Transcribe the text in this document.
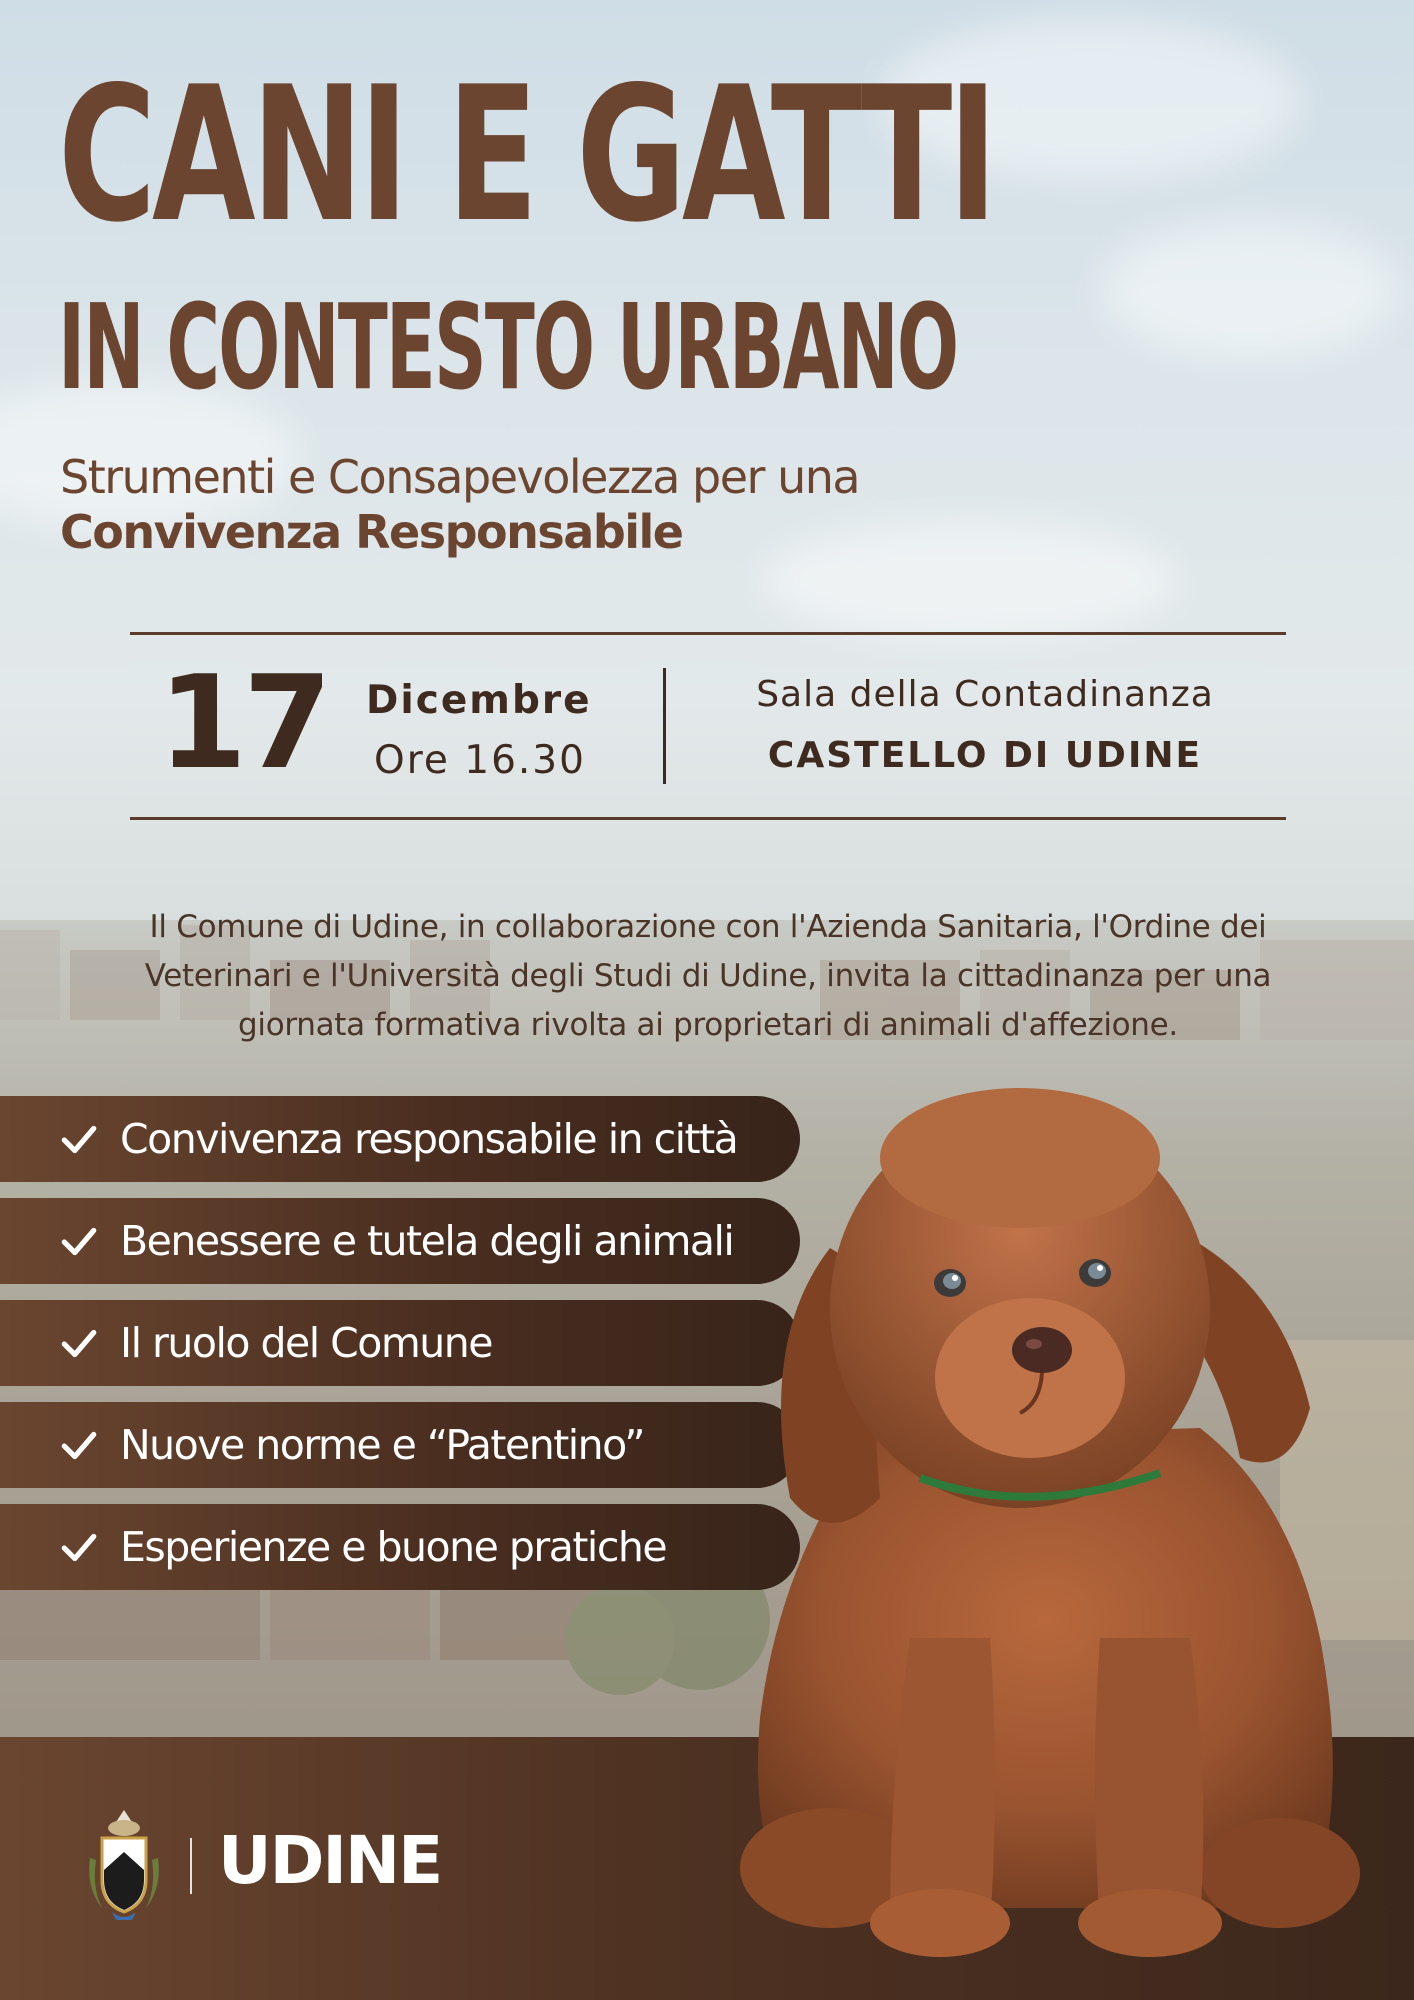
CANI E GATTI
IN CONTESTO URBANO
Strumenti e Consapevolezza per una
Convivenza Responsabile
17 Dicembre
Ore 16.30
Sala della Contadinanza
CASTELLO DI UDINE

Il Comune di Udine, in collaborazione con l'Azienda Sanitaria, l'Ordine dei Veterinari e l'Università degli Studi di Udine, invita la cittadinanza per una giornata formativa rivolta ai proprietari di animali d'affezione.

Convivenza responsabile in città
Benessere e tutela degli animali
Il ruolo del Comune
Nuove norme e “Patentino”
Esperienze e buone pratiche
UDINE
